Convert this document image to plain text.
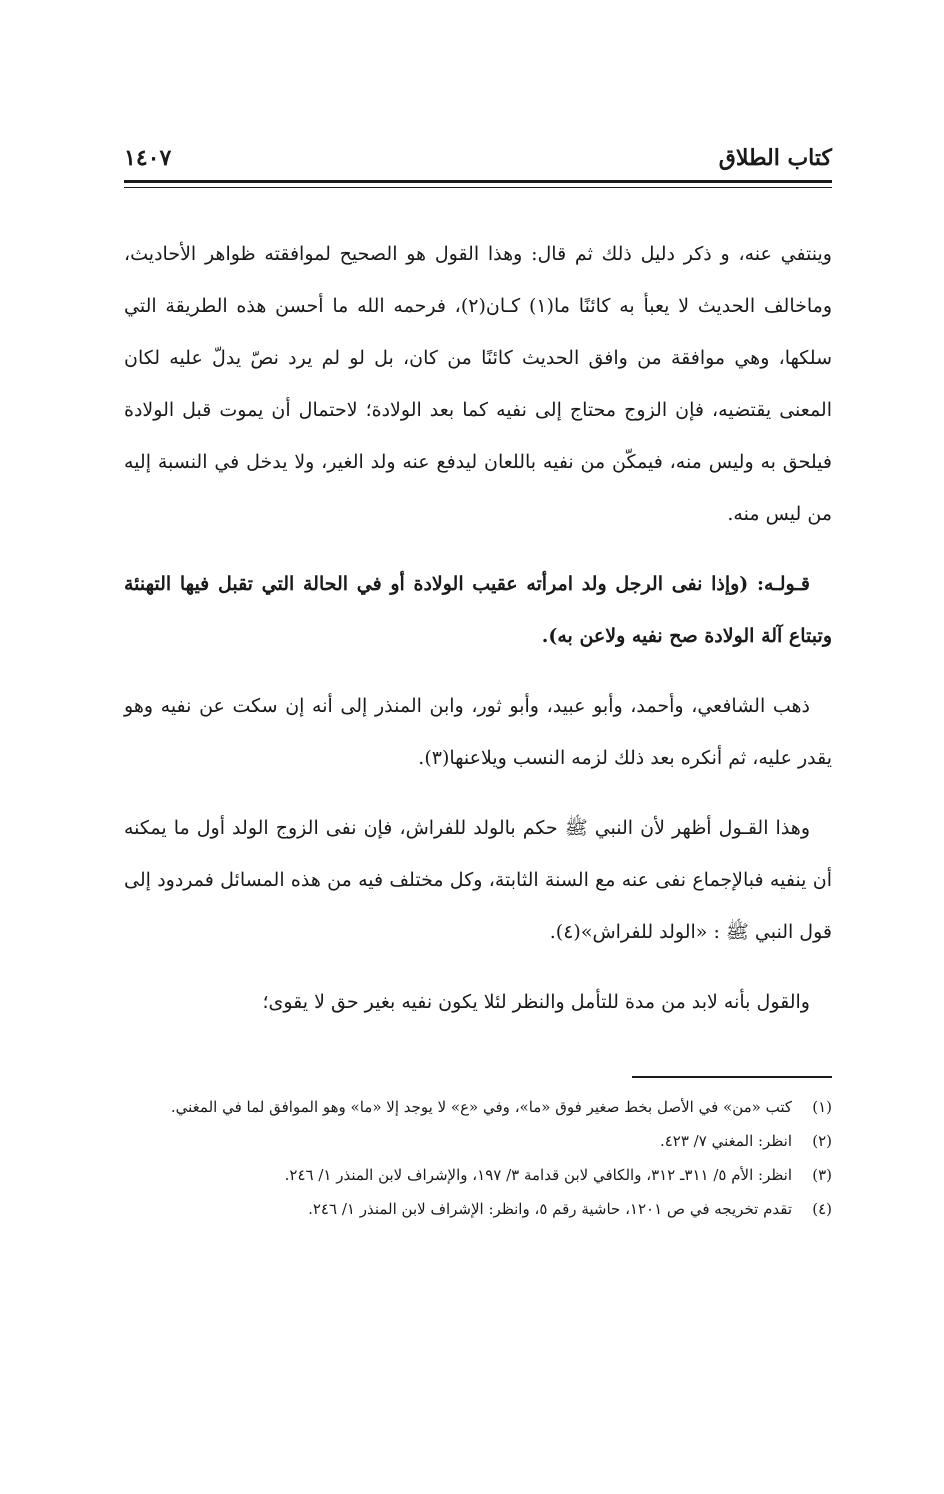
كتاب الطلاق
١٤٠٧

وينتفي عنه، و ذكر دليل ذلك ثم قال: وهذا القول هو الصحيح لموافقته ظواهر الأحاديث، وماخالف الحديث لا يعبأ به كائنًا ما(١) كـان(٢)، فرحمه الله ما أحسن هذه الطريقة التي سلكها، وهي موافقة من وافق الحديث كائنًا من كان، بل لو لم يرد نصّ يدلّ عليه لكان المعنى يقتضيه، فإن الزوج محتاج إلى نفيه كما بعد الولادة؛ لاحتمال أن يموت قبل الولادة فيلحق به وليس منه، فيمكّن من نفيه باللعان ليدفع عنه ولد الغير، ولا يدخل في النسبة إليه من ليس منه.

قـولـه: (وإذا نفى الرجل ولد امرأته عقيب الولادة أو في الحالة التي تقبل فيها التهنئة وتبتاع آلة الولادة صح نفيه ولاعن به).

ذهب الشافعي، وأحمد، وأبو عبيد، وأبو ثور، وابن المنذر إلى أنه إن سكت عن نفيه وهو يقدر عليه، ثم أنكره بعد ذلك لزمه النسب ويلاعنها(٣).

وهذا القـول أظهر لأن النبي ﷺ حكم بالولد للفراش، فإن نفى الزوج الولد أول ما يمكنه أن ينفيه فبالإجماع نفى عنه مع السنة الثابتة، وكل مختلف فيه من هذه المسائل فمردود إلى قول النبي ﷺ : «الولد للفراش»(٤).

والقول بأنه لابد من مدة للتأمل والنظر لئلا يكون نفيه بغير حق لا يقوى؛

(١)
كتب «من» في الأصل بخط صغير فوق «ما»، وفي «ع» لا يوجد إلا «ما» وهو الموافق لما في المغني.
(٢)
انظر: المغني ٧/ ٤٢٣.
(٣)
انظر: الأم ٥/ ٣١١ـ ٣١٢، والكافي لابن قدامة ٣/ ١٩٧، والإشراف لابن المنذر ١/ ٢٤٦.
(٤)
تقدم تخريجه في ص ١٢٠١، حاشية رقم ٥، وانظر: الإشراف لابن المنذر ١/ ٢٤٦.
